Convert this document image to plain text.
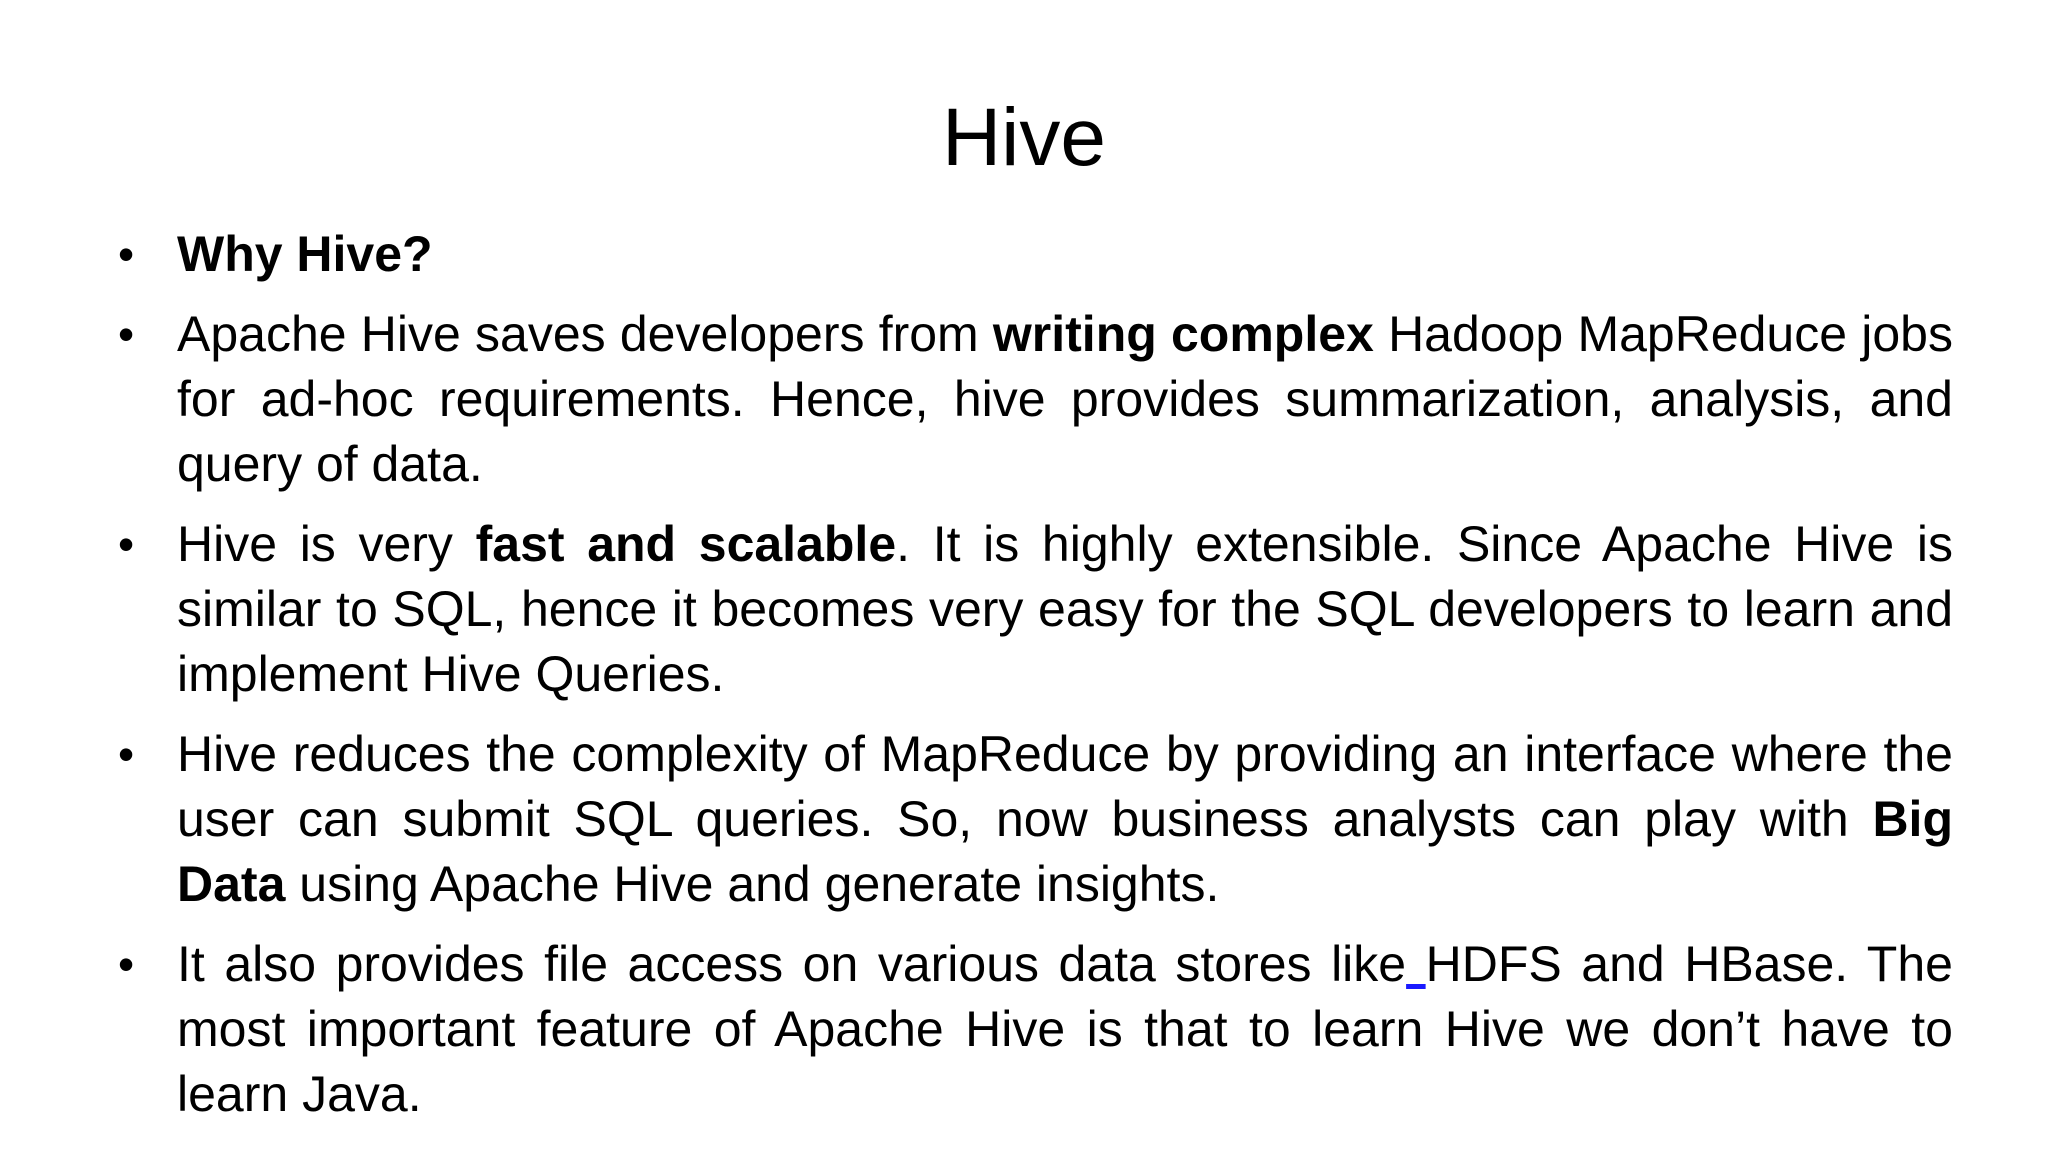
Hive
• Why Hive?
• Apache Hive saves developers from writing complex Hadoop MapReduce jobs for ad-hoc requirements. Hence, hive provides summarization, analysis, and query of data.
• Hive is very fast and scalable. It is highly extensible. Since Apache Hive is similar to SQL, hence it becomes very easy for the SQL developers to learn and implement Hive Queries.
• Hive reduces the complexity of MapReduce by providing an interface where the user can submit SQL queries. So, now business analysts can play with Big Data using Apache Hive and generate insights.
• It also provides file access on various data stores like HDFS and HBase. The most important feature of Apache Hive is that to learn Hive we don’t have to learn Java.
